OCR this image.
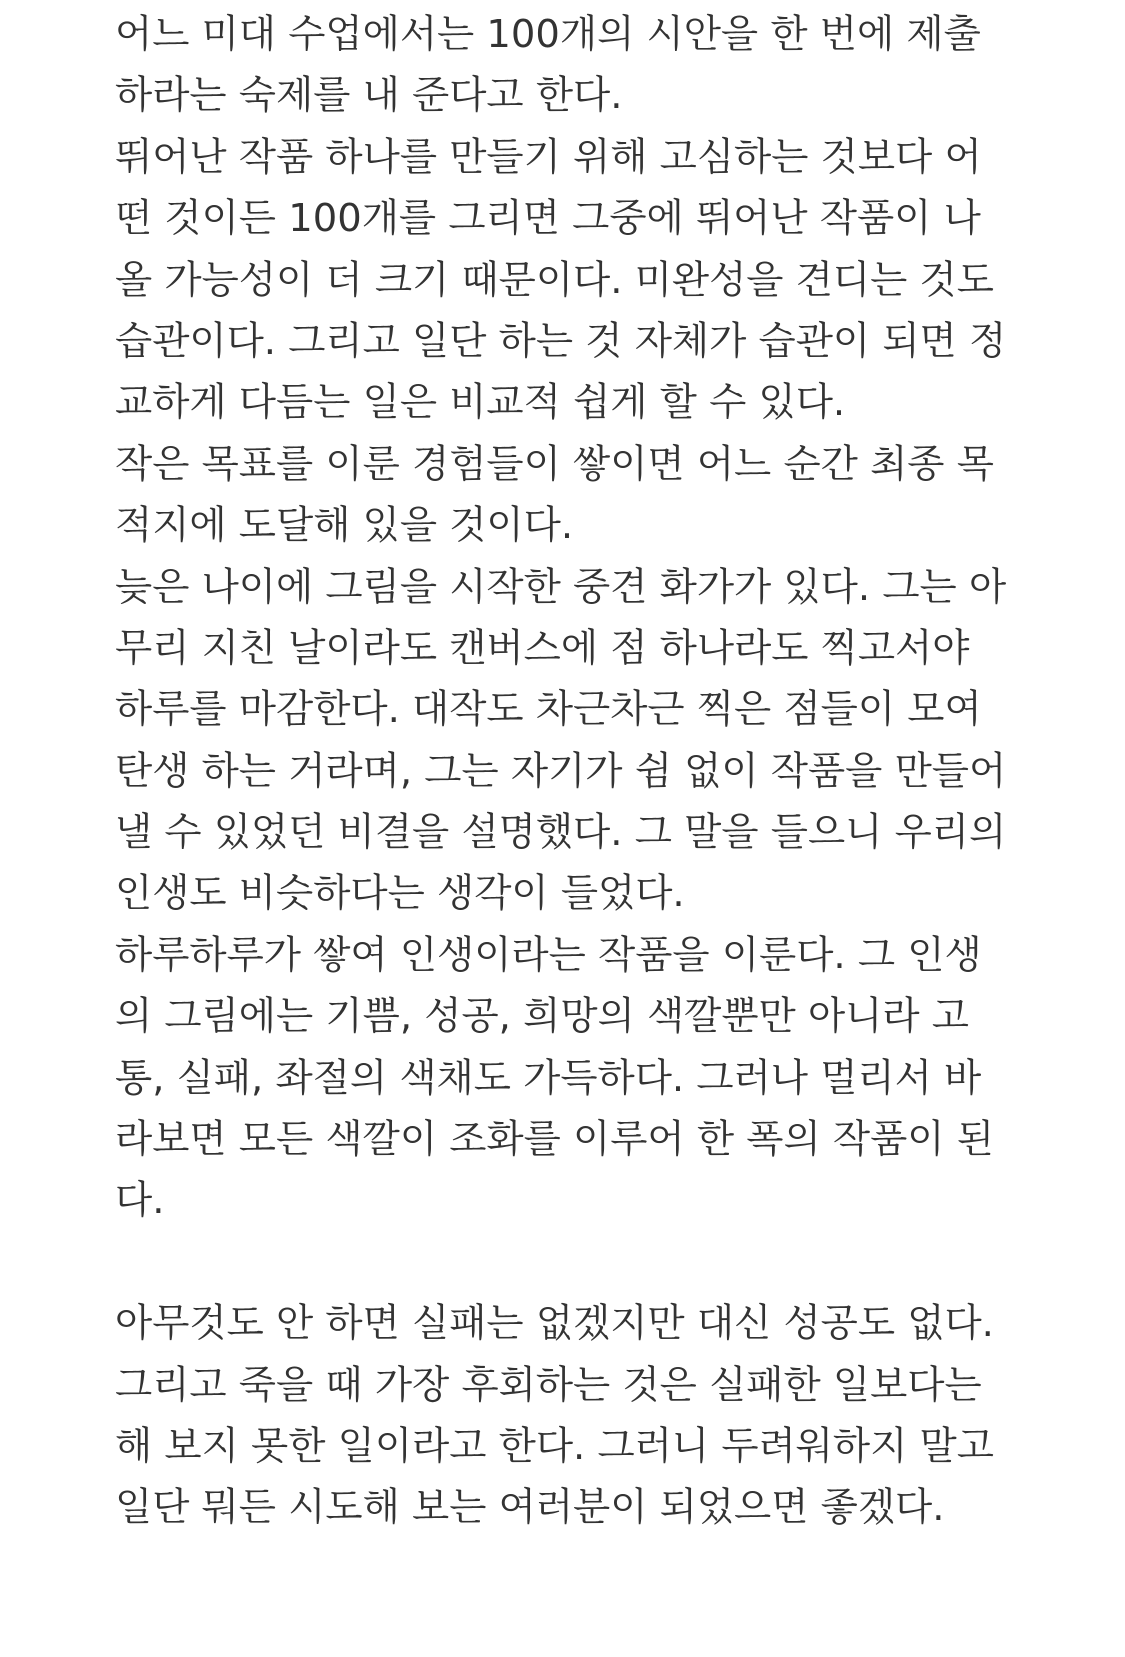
어느 미대 수업에서는 100개의 시안을 한 번에 제출
하라는 숙제를 내 준다고 한다.
뛰어난 작품 하나를 만들기 위해 고심하는 것보다 어
떤 것이든 100개를 그리면 그중에 뛰어난 작품이 나
올 가능성이 더 크기 때문이다. 미완성을 견디는 것도
습관이다. 그리고 일단 하는 것 자체가 습관이 되면 정
교하게 다듬는 일은 비교적 쉽게 할 수 있다.
작은 목표를 이룬 경험들이 쌓이면 어느 순간 최종 목
적지에 도달해 있을 것이다.
늦은 나이에 그림을 시작한 중견 화가가 있다. 그는 아
무리 지친 날이라도 캔버스에 점 하나라도 찍고서야
하루를 마감한다. 대작도 차근차근 찍은 점들이 모여
탄생 하는 거라며, 그는 자기가 쉼 없이 작품을 만들어
낼 수 있었던 비결을 설명했다. 그 말을 들으니 우리의
인생도 비슷하다는 생각이 들었다.
하루하루가 쌓여 인생이라는 작품을 이룬다. 그 인생
의 그림에는 기쁨, 성공, 희망의 색깔뿐만 아니라 고
통, 실패, 좌절의 색채도 가득하다. 그러나 멀리서 바
라보면 모든 색깔이 조화를 이루어 한 폭의 작품이 된
다.
아무것도 안 하면 실패는 없겠지만 대신 성공도 없다.
그리고 죽을 때 가장 후회하는 것은 실패한 일보다는
해 보지 못한 일이라고 한다. 그러니 두려워하지 말고
일단 뭐든 시도해 보는 여러분이 되었으면 좋겠다.
